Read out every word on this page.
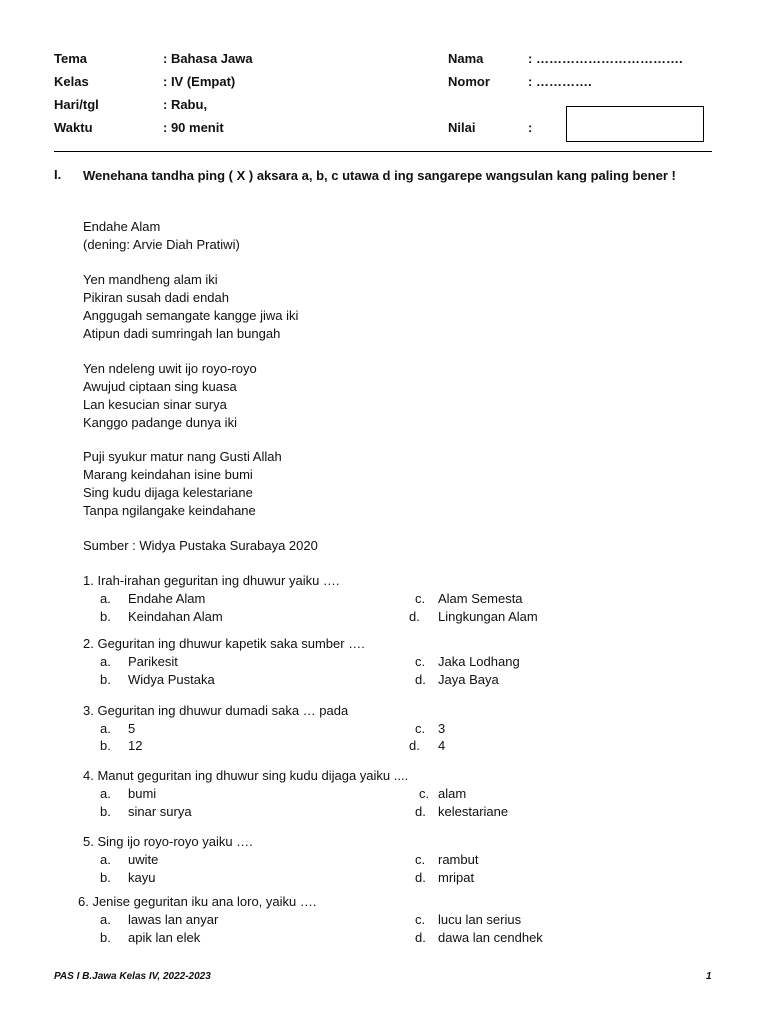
Tema	: Bahasa Jawa
Kelas	: IV (Empat)
Hari/tgl	: Rabu,
Waktu	: 90 menit
Nama	: …………………………….
Nomor	: ………….
Nilai	:
I. Wenehana tandha ping ( X ) aksara a, b, c utawa d ing sangarepe wangsulan kang paling bener !
Endahe Alam
(dening: Arvie Diah Pratiwi)
Yen mandheng alam iki
Pikiran susah dadi endah
Anggugah semangate kangge jiwa iki
Atipun dadi sumringah lan bungah
Yen ndeleng uwit ijo royo-royo
Awujud ciptaan sing kuasa
Lan kesucian sinar surya
Kanggo padange dunya iki
Puji syukur matur nang Gusti Allah
Marang keindahan isine bumi
Sing kudu dijaga kelestariane
Tanpa ngilangake keindahane
Sumber : Widya Pustaka Surabaya 2020
1. Irah-irahan geguritan ing dhuwur yaiku ….
a. Endahe Alam	c. Alam Semesta
b. Keindahan Alam	d. Lingkungan Alam
2. Geguritan ing dhuwur kapetik saka sumber ….
a. Parikesit	c. Jaka Lodhang
b. Widya Pustaka	d. Jaya Baya
3. Geguritan ing dhuwur dumadi saka … pada
a. 5	c. 3
b. 12	d. 4
4. Manut geguritan ing dhuwur sing kudu dijaga yaiku ....
a. bumi	c. alam
b. sinar surya	d. kelestariane
5. Sing ijo royo-royo yaiku ….
a. uwite	c. rambut
b. kayu	d. mripat
6. Jenise geguritan iku ana loro, yaiku ….
a. lawas lan anyar	c. lucu lan serius
b. apik lan elek	d. dawa lan cendhek
PAS I B.Jawa Kelas IV, 2022-2023	1
